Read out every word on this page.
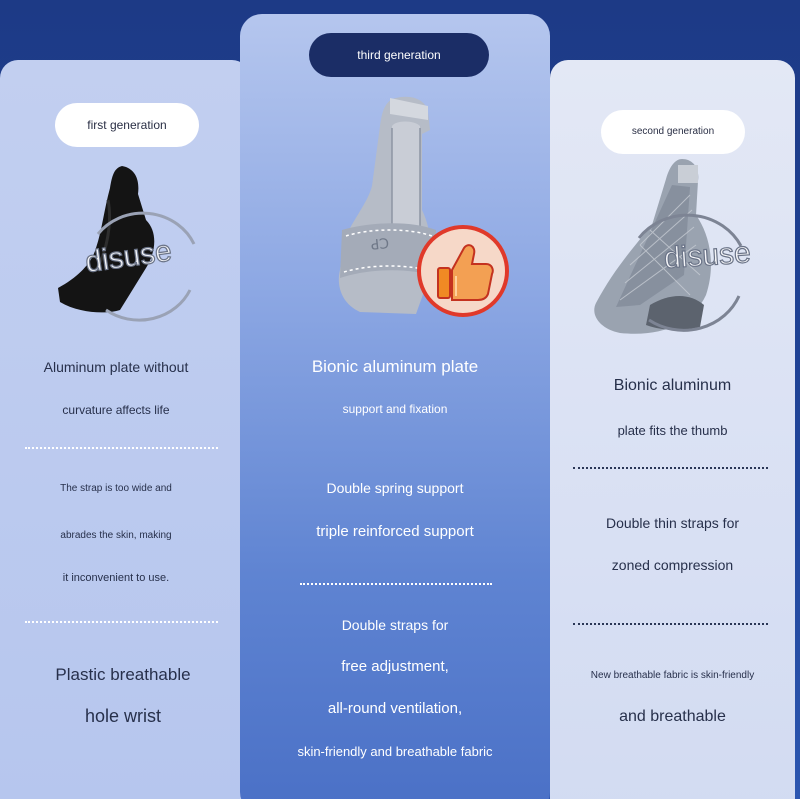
first generation
disuse
Aluminum plate without
curvature affects life
The strap is too wide and
abrades the skin, making
it inconvenient to use.
Plastic breathable
hole wrist
second generation
disuse
Bionic aluminum
plate fits the thumb
Double thin straps for
zoned compression
New breathable fabric is skin-friendly
and breathable
third generation
ꓒꓛ
Bionic aluminum plate
support and fixation
Double spring support
triple reinforced support
Double straps for
free adjustment,
all-round ventilation,
skin-friendly and breathable fabric
